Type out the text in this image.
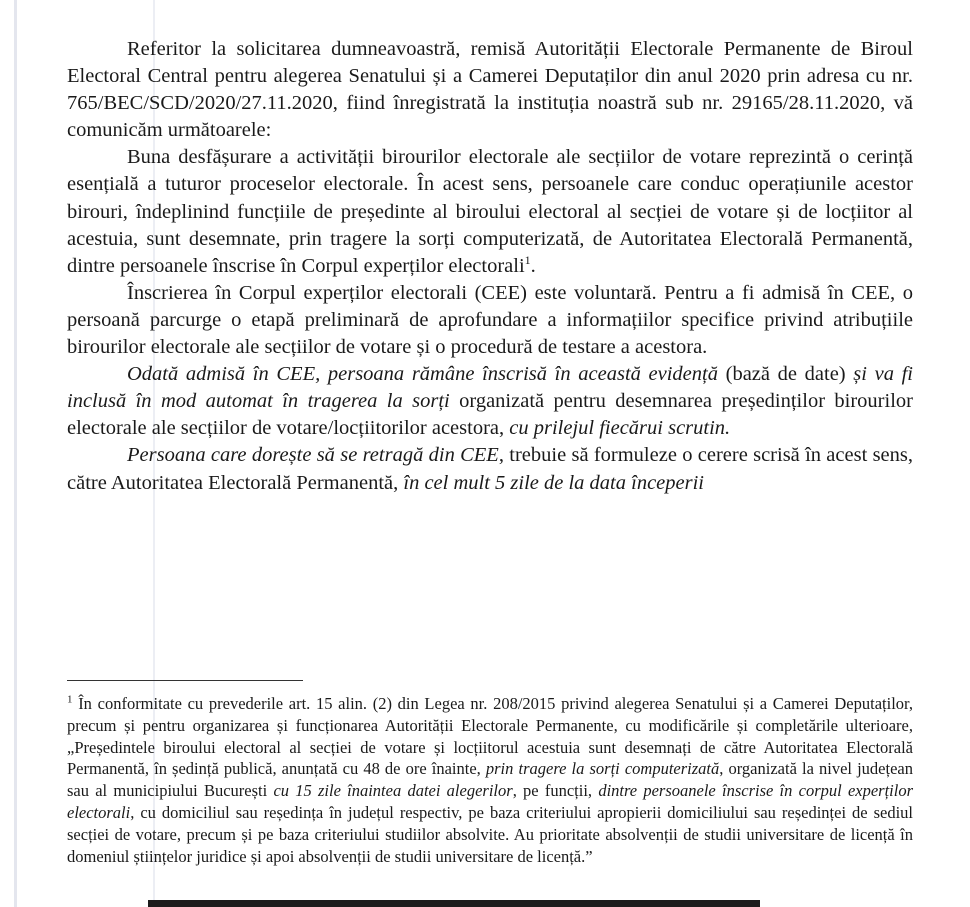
Referitor la solicitarea dumneavoastră, remisă Autorității Electorale Permanente de Biroul Electoral Central pentru alegerea Senatului și a Camerei Deputaților din anul 2020 prin adresa cu nr. 765/BEC/SCD/2020/27.11.2020, fiind înregistrată la instituția noastră sub nr. 29165/28.11.2020, vă comunicăm următoarele:

Buna desfășurare a activității birourilor electorale ale secțiilor de votare reprezintă o cerință esențială a tuturor proceselor electorale. În acest sens, persoanele care conduc operațiunile acestor birouri, îndeplinind funcțiile de președinte al biroului electoral al secției de votare și de locțiitor al acestuia, sunt desemnate, prin tragere la sorți computerizată, de Autoritatea Electorală Permanentă, dintre persoanele înscrise în Corpul experților electorali$^1$.

Înscrierea în Corpul experților electorali (CEE) este voluntară. Pentru a fi admisă în CEE, o persoană parcurge o etapă preliminară de aprofundare a informațiilor specifice privind atribuțiile birourilor electorale ale secțiilor de votare și o procedură de testare a acestora.

Odată admisă în CEE, persoana rămâne înscrisă în această evidență (bază de date) și va fi inclusă în mod automat în tragerea la sorți organizată pentru desemnarea președinților birourilor electorale ale secțiilor de votare/locțiitorilor acestora, cu prilejul fiecărui scrutin.

Persoana care dorește să se retragă din CEE, trebuie să formuleze o cerere scrisă în acest sens, către Autoritatea Electorală Permanentă, în cel mult 5 zile de la data începerii

$^1$ În conformitate cu prevederile art. 15 alin. (2) din Legea nr. 208/2015 privind alegerea Senatului și a Camerei Deputaților, precum și pentru organizarea și funcționarea Autorității Electorale Permanente, cu modificările și completările ulterioare, „Președintele biroului electoral al secției de votare și locțiitorul acestuia sunt desemnați de către Autoritatea Electorală Permanentă, în ședință publică, anunțată cu 48 de ore înainte, prin tragere la sorți computerizată, organizată la nivel județean sau al municipiului București cu 15 zile înaintea datei alegerilor, pe funcții, dintre persoanele înscrise în corpul experților electorali, cu domiciliul sau reședința în județul respectiv, pe baza criteriului apropierii domiciliului sau reședinței de sediul secției de votare, precum și pe baza criteriului studiilor absolvite. Au prioritate absolvenții de studii universitare de licență în domeniul științelor juridice și apoi absolvenții de studii universitare de licență.”
